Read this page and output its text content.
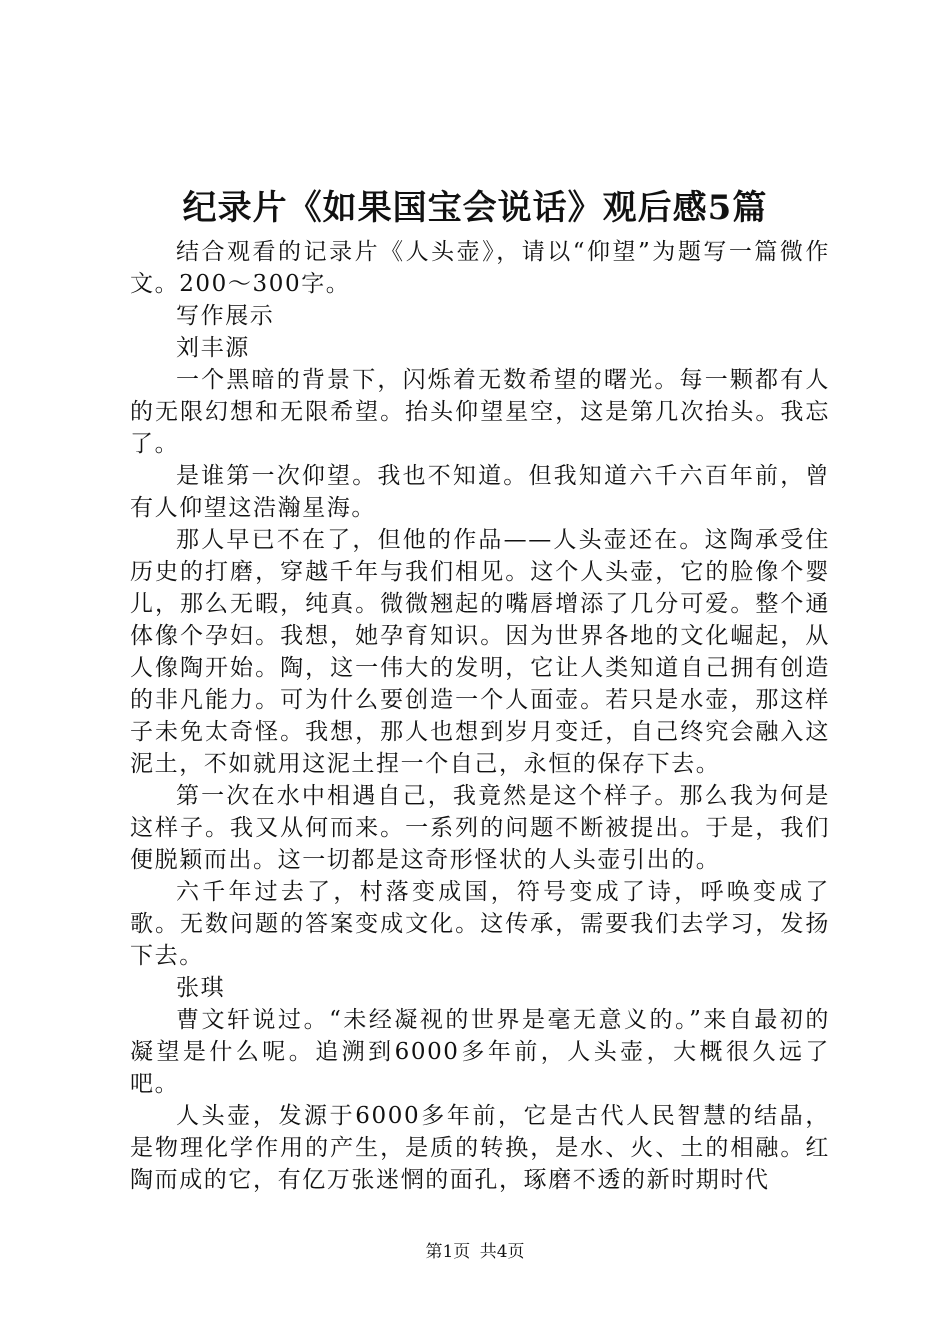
纪录片《如果国宝会说话》观后感5篇

结合观看的记录片《人头壶》，请以“仰望”为题写一篇微作文。200～300字。

写作展示

刘丰源

一个黑暗的背景下，闪烁着无数希望的曙光。每一颗都有人的无限幻想和无限希望。抬头仰望星空，这是第几次抬头。我忘了。

是谁第一次仰望。我也不知道。但我知道六千六百年前，曾有人仰望这浩瀚星海。

那人早已不在了，但他的作品——人头壶还在。这陶承受住历史的打磨，穿越千年与我们相见。这个人头壶，它的脸像个婴儿，那么无暇，纯真。微微翘起的嘴唇增添了几分可爱。整个通体像个孕妇。我想，她孕育知识。因为世界各地的文化崛起，从人像陶开始。陶，这一伟大的发明，它让人类知道自己拥有创造的非凡能力。可为什么要创造一个人面壶。若只是水壶，那这样子未免太奇怪。我想，那人也想到岁月变迁，自己终究会融入这泥土，不如就用这泥土捏一个自己，永恒的保存下去。

第一次在水中相遇自己，我竟然是这个样子。那么我为何是这样子。我又从何而来。一系列的问题不断被提出。于是，我们便脱颖而出。这一切都是这奇形怪状的人头壶引出的。

六千年过去了，村落变成国，符号变成了诗，呼唤变成了歌。无数问题的答案变成文化。这传承，需要我们去学习，发扬下去。

张琪

曹文轩说过。“未经凝视的世界是毫无意义的。”来自最初的凝望是什么呢。追溯到6000多年前，人头壶，大概很久远了吧。

人头壶，发源于6000多年前，它是古代人民智慧的结晶，是物理化学作用的产生，是质的转换，是水、火、土的相融。红陶而成的它，有亿万张迷惘的面孔，琢磨不透的新时期时代

第1页 共4页
